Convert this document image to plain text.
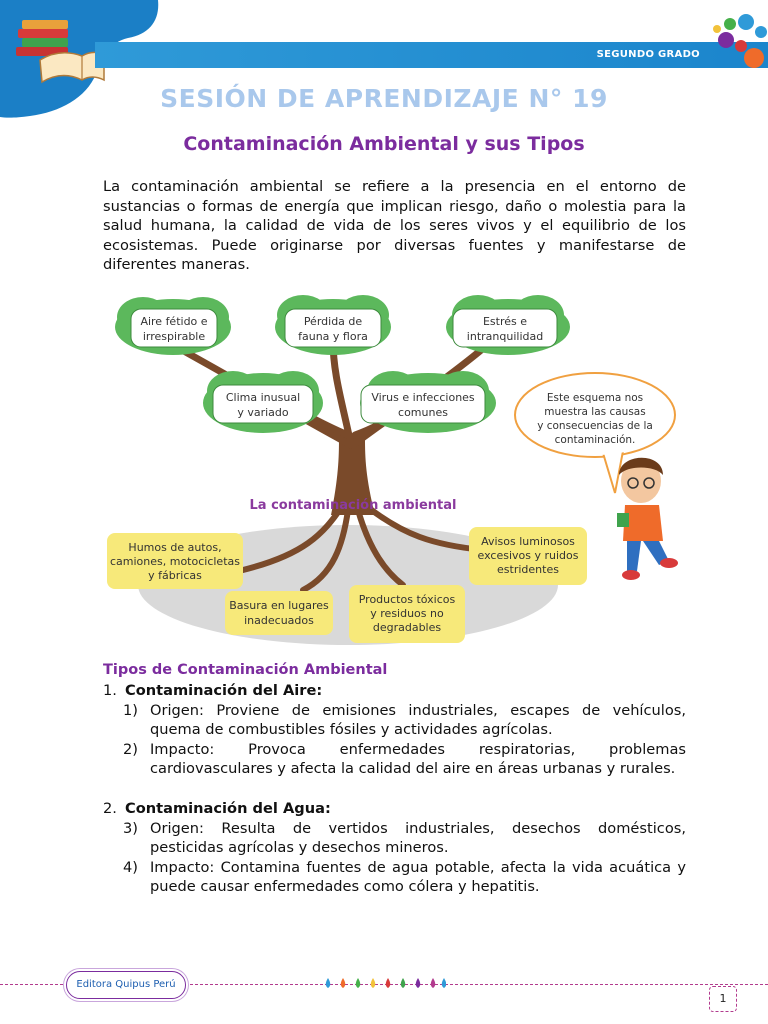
SEGUNDO GRADO
SESIÓN DE APRENDIZAJE N° 19
Contaminación Ambiental y sus Tipos

La contaminación ambiental se refiere a la presencia en el entorno de sustancias o formas de energía que implican riesgo, daño o molestia para la salud humana, la calidad de vida de los seres vivos y el equilibrio de los ecosistemas. Puede originarse por diversas fuentes y manifestarse de diferentes maneras.

Aire fétido e
irrespirable
Pérdida de
fauna y flora
Estrés e
intranquilidad
Clima inusual
y variado
Virus e infecciones
comunes
La contaminación ambiental
Humos de autos,
camiones, motocicletas
y fábricas
Basura en lugares
inadecuados
Productos tóxicos
y residuos no
degradables
Avisos luminosos
excesivos y ruidos
estridentes
Este esquema nos
muestra las causas
y consecuencias de la
contaminación.
Tipos de Contaminación Ambiental
1. Contaminación del Aire:
1) Origen: Proviene de emisiones industriales, escapes de vehículos, quema de combustibles fósiles y actividades agrícolas.
2) Impacto: Provoca enfermedades respiratorias, problemas cardiovasculares y afecta la calidad del aire en áreas urbanas y rurales.
2. Contaminación del Agua:
3) Origen: Resulta de vertidos industriales, desechos domésticos, pesticidas agrícolas y desechos mineros.
4) Impacto: Contamina fuentes de agua potable, afecta la vida acuática y puede causar enfermedades como cólera y hepatitis.
Editora Quipus Perú
1
